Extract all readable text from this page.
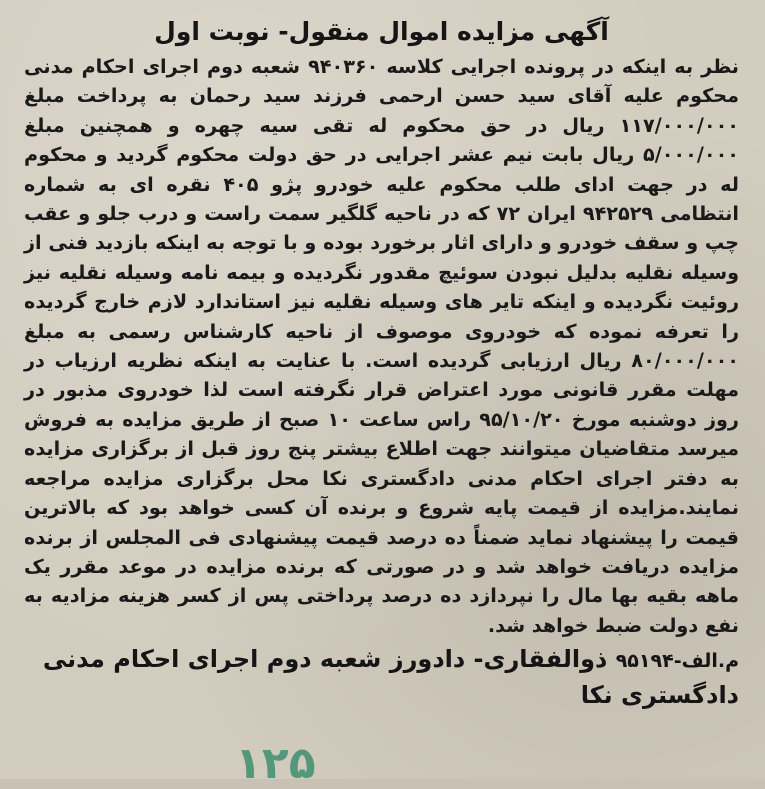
آگهی مزایده اموال منقول- نوبت اول

نظر به اینکه در پرونده اجرایی کلاسه ۹۴۰۳۶۰ شعبه دوم اجرای احکام مدنی محکوم علیه آقای سید حسن ارحمی فرزند سید رحمان به پرداخت مبلغ ۱۱۷/۰۰۰/۰۰۰ ریال در حق محکوم له تقی سیه چهره و همچنین مبلغ ۵/۰۰۰/۰۰۰ ریال بابت نیم عشر اجرایی در حق دولت محکوم گردید و محکوم له در جهت ادای طلب محکوم علیه خودرو پژو ۴۰۵ نقره ای به شماره انتظامی ۹۴۲۵۲۹ ایران ۷۲ که در ناحیه گلگیر سمت راست و درب جلو و عقب چپ و سقف خودرو و دارای اثار برخورد بوده و با توجه به اینکه بازدید فنی از وسیله نقلیه بدلیل نبودن سوئیچ مقدور نگردیده و بیمه نامه وسیله نقلیه نیز روئیت نگردیده و اینکه تایر های وسیله نقلیه نیز استاندارد لازم خارج گردیده را تعرفه نموده که خودروی موصوف از ناحیه کارشناس رسمی به مبلغ ۸۰/۰۰۰/۰۰۰ ریال ارزیابی گردیده است. با عنایت به اینکه نظریه ارزیاب در مهلت مقرر قانونی مورد اعتراض قرار نگرفته است لذا خودروی مذبور در روز دوشنبه مورخ ۹۵/۱۰/۲۰ راس ساعت ۱۰ صبح از طریق مزایده به فروش میرسد متقاضیان میتوانند جهت اطلاع بیشتر پنج روز قبل از برگزاری مزایده به دفتر اجرای احکام مدنی دادگستری نکا محل برگزاری مزایده مراجعه نمایند.مزایده از قیمت پایه شروع و برنده آن کسی خواهد بود که بالاترین قیمت را پیشنهاد نماید ضمناً ده درصد قیمت پیشنهادی فی المجلس از برنده مزایده دریافت خواهد شد و در صورتی که برنده مزایده در موعد مقرر یک ماهه بقیه بها مال را نپردازد ده درصد پرداختی پس از کسر هزینه مزادیه به نفع دولت ضبط خواهد شد.

م.الف-۹۵۱۹۴ ذوالفقاری- دادورز شعبه دوم اجرای احکام مدنی دادگستری نکا

۱۲۵
